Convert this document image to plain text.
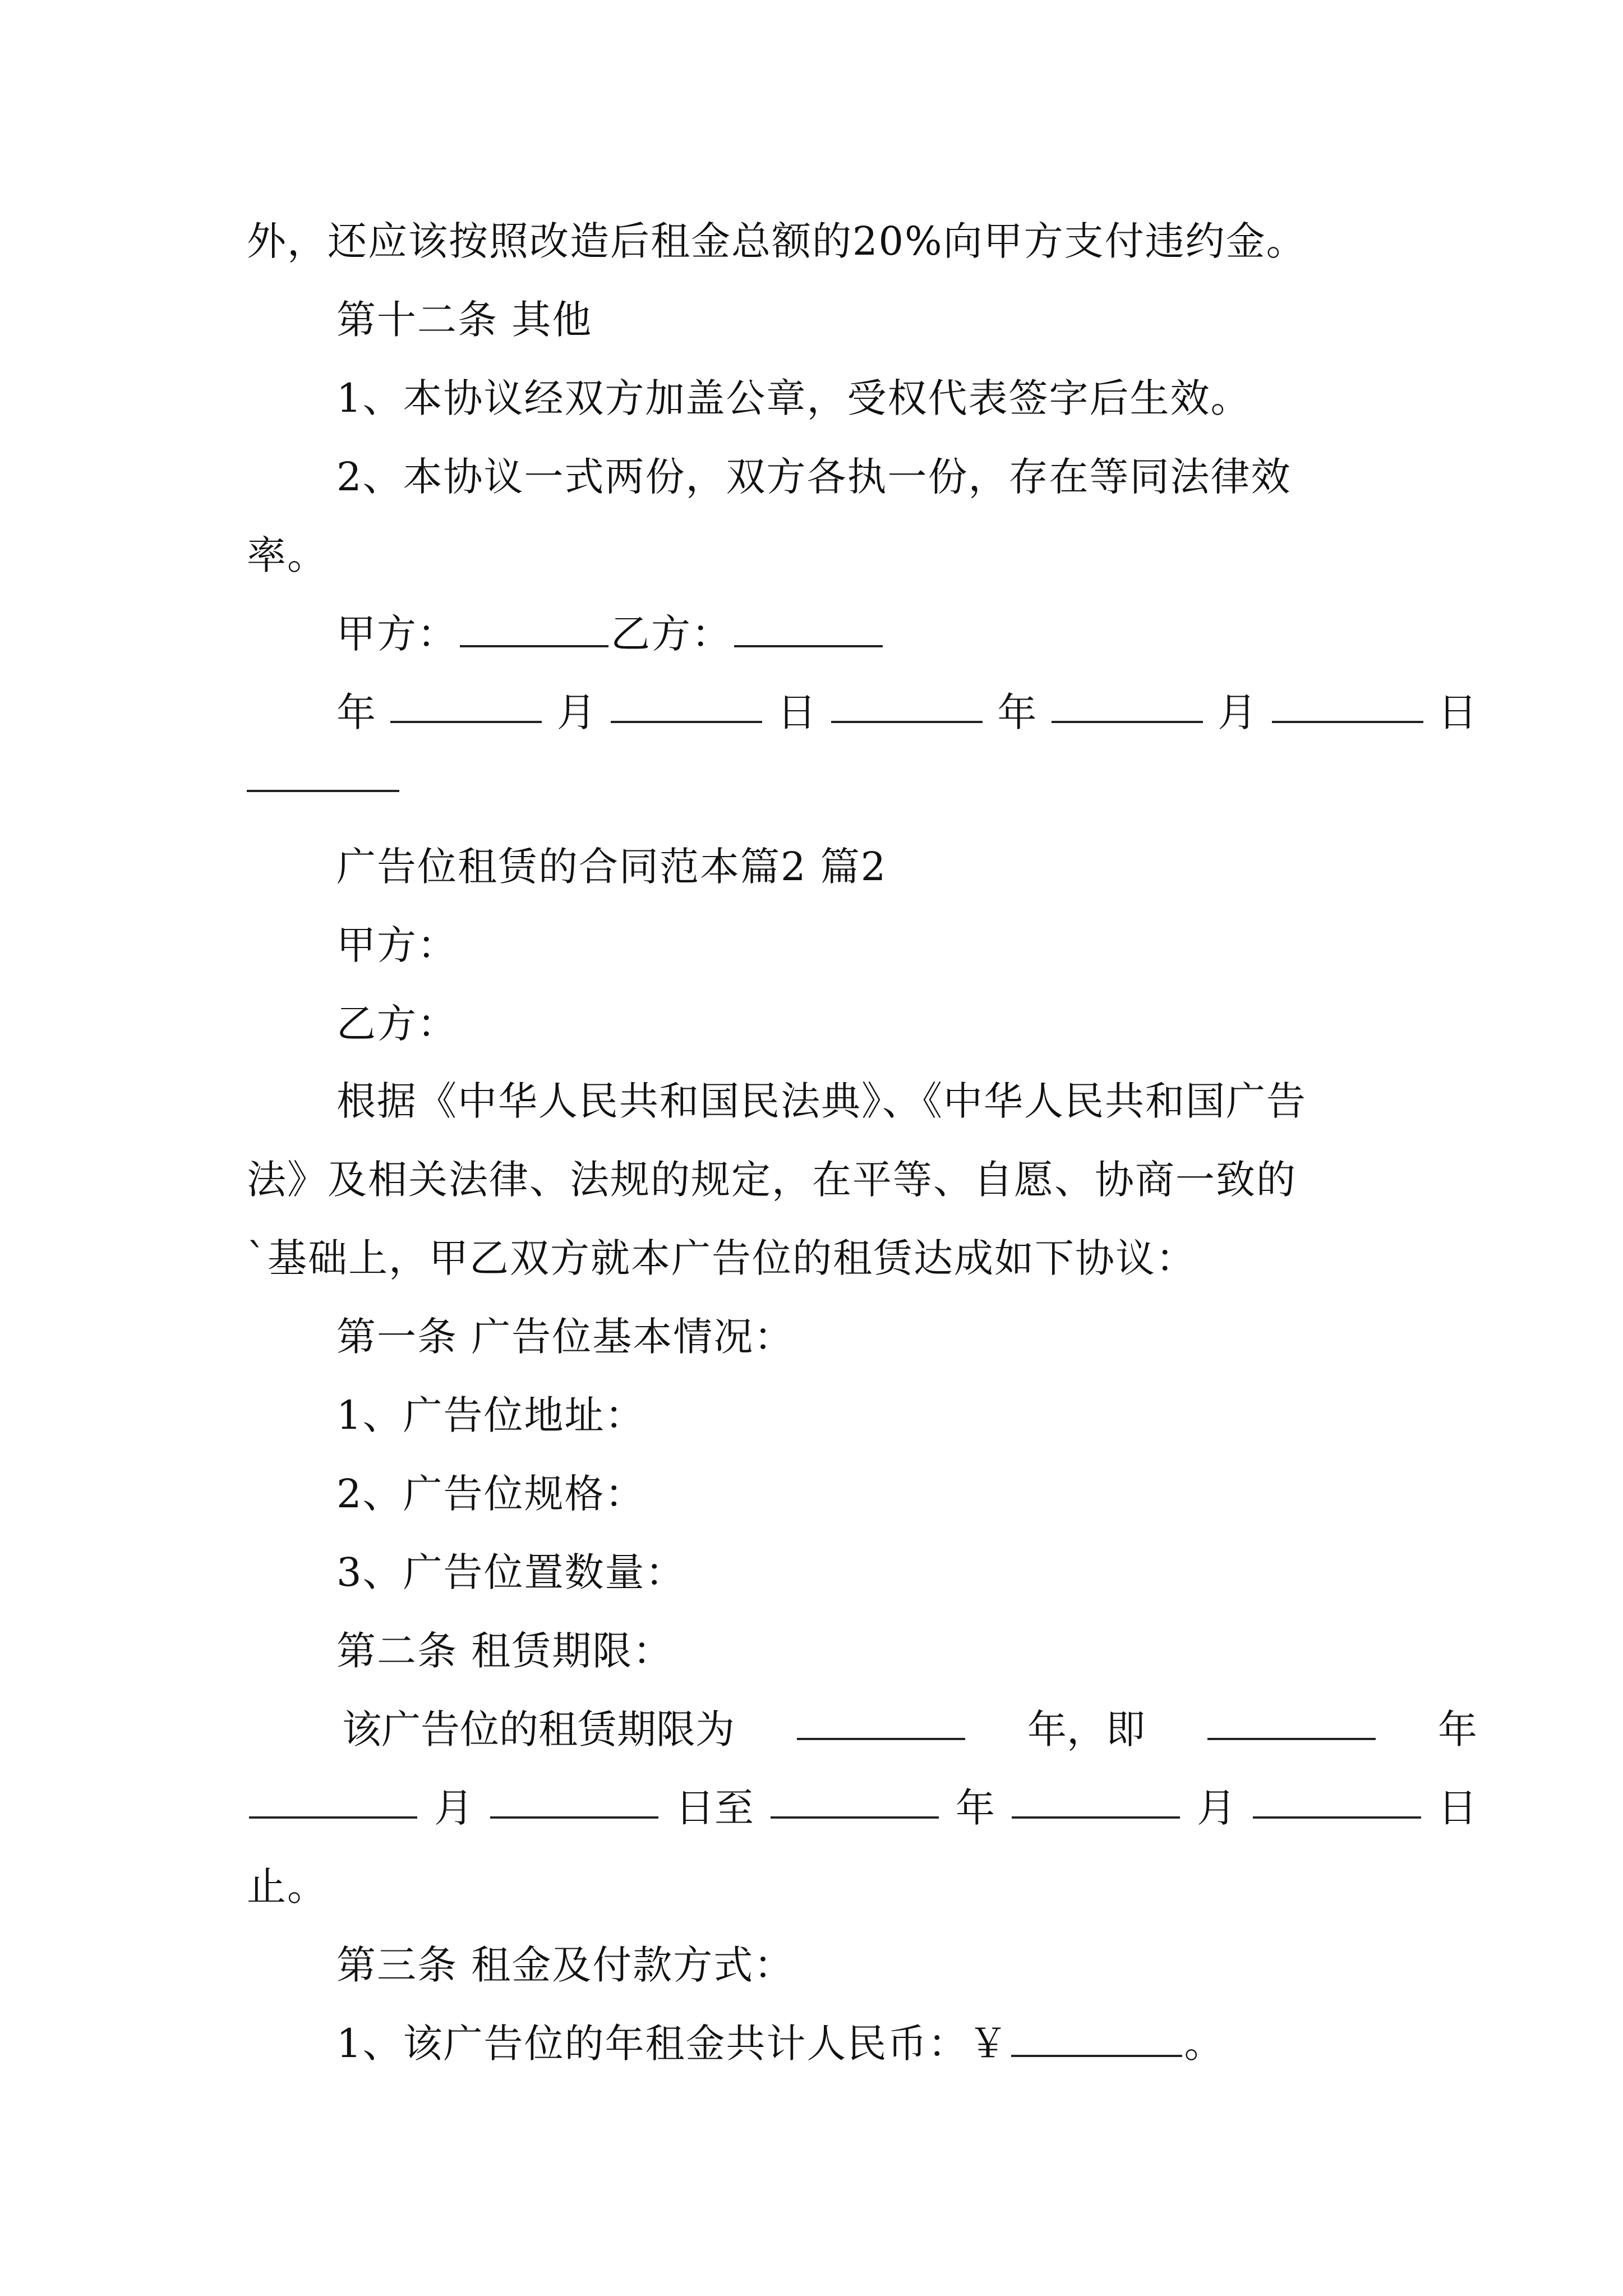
外，还应该按照改造后租金总额的20%向甲方支付违约金。
第十二条 其他
1、本协议经双方加盖公章，受权代表签字后生效。
2、本协议一式两份，双方各执一份，存在等同法律效
率。
甲方：	乙方：
年	月	日	年	月	日
广告位租赁的合同范本篇2 篇2
甲方：
乙方：
根据《中华人民共和国民法典》、《中华人民共和国广告
法》及相关法律、法规的规定，在平等、自愿、协商一致的
`基础上，甲乙双方就本广告位的租赁达成如下协议：
第一条 广告位基本情况：
1、广告位地址：
2、广告位规格：
3、广告位置数量：
第二条 租赁期限：
该广告位的租赁期限为	年，即	年
月	日至	年	月	日
止。
第三条 租金及付款方式：
1、该广告位的年租金共计人民币：￥	。
